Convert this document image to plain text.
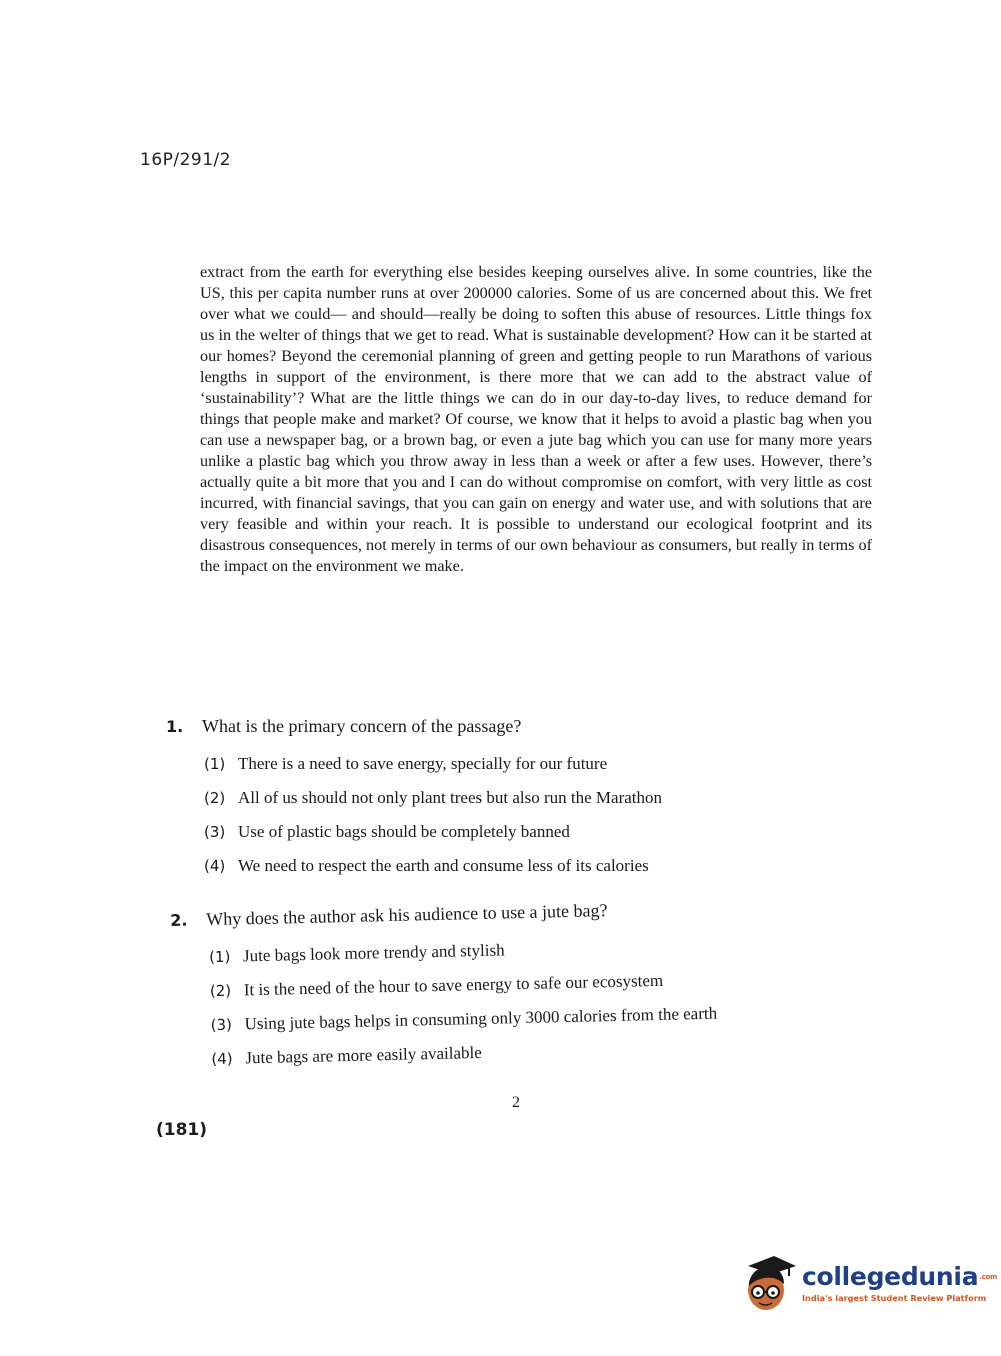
16P/291/2
extract from the earth for everything else besides keeping ourselves alive. In some countries, like the US, this per capita number runs at over 200000 calories. Some of us are concerned about this. We fret over what we could— and should—really be doing to soften this abuse of resources. Little things fox us in the welter of things that we get to read. What is sustainable development? How can it be started at our homes? Beyond the ceremonial planning of green and getting people to run Marathons of various lengths in support of the environment, is there more that we can add to the abstract value of ‘sustainability’? What are the little things we can do in our day-to-day lives, to reduce demand for things that people make and market? Of course, we know that it helps to avoid a plastic bag when you can use a newspaper bag, or a brown bag, or even a jute bag which you can use for many more years unlike a plastic bag which you throw away in less than a week or after a few uses. However, there’s actually quite a bit more that you and I can do without compromise on comfort, with very little as cost incurred, with financial savings, that you can gain on energy and water use, and with solutions that are very feasible and within your reach. It is possible to understand our ecological footprint and its disastrous consequences, not merely in terms of our own behaviour as consumers, but really in terms of the impact on the environment we make.
1.	What is the primary concern of the passage?
(1) There is a need to save energy, specially for our future
(2) All of us should not only plant trees but also run the Marathon
(3) Use of plastic bags should be completely banned
(4) We need to respect the earth and consume less of its calories
2.	Why does the author ask his audience to use a jute bag?
(1) Jute bags look more trendy and stylish
(2) It is the need of the hour to save energy to safe our ecosystem
(3) Using jute bags helps in consuming only 3000 calories from the earth
(4) Jute bags are more easily available
2
(181)
collegedunia$^{.com}$
India's largest Student Review Platform
